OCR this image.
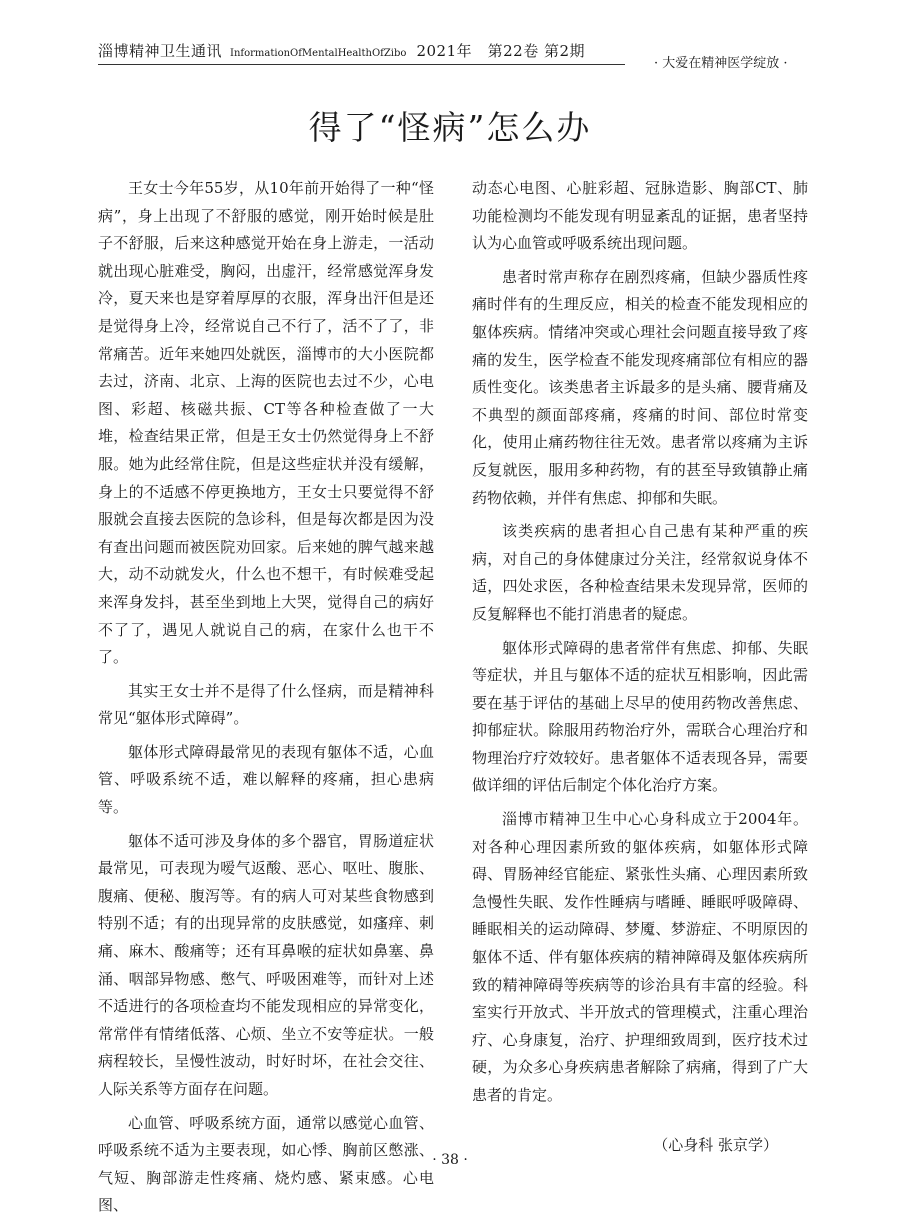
淄博精神卫生通讯 InformationOfMentalHealthOfZibo 2021年　第22卷 第2期
· 大爱在精神医学绽放 ·
得了“怪病”怎么办

王女士今年55岁，从10年前开始得了一种“怪病”，身上出现了不舒服的感觉，刚开始时候是肚子不舒服，后来这种感觉开始在身上游走，一活动就出现心脏难受，胸闷，出虚汗，经常感觉浑身发冷，夏天来也是穿着厚厚的衣服，浑身出汗但是还是觉得身上冷，经常说自己不行了，活不了了，非常痛苦。近年来她四处就医，淄博市的大小医院都去过，济南、北京、上海的医院也去过不少，心电图、彩超、核磁共振、CT等各种检查做了一大堆，检查结果正常，但是王女士仍然觉得身上不舒服。她为此经常住院，但是这些症状并没有缓解，身上的不适感不停更换地方，王女士只要觉得不舒服就会直接去医院的急诊科，但是每次都是因为没有查出问题而被医院劝回家。后来她的脾气越来越大，动不动就发火，什么也不想干，有时候难受起来浑身发抖，甚至坐到地上大哭，觉得自己的病好不了了，遇见人就说自己的病，在家什么也干不了。

其实王女士并不是得了什么怪病，而是精神科常见“躯体形式障碍”。

躯体形式障碍最常见的表现有躯体不适，心血管、呼吸系统不适，难以解释的疼痛，担心患病等。

躯体不适可涉及身体的多个器官，胃肠道症状最常见，可表现为嗳气返酸、恶心、呕吐、腹胀、腹痛、便秘、腹泻等。有的病人可对某些食物感到特别不适；有的出现异常的皮肤感觉，如瘙痒、刺痛、麻木、酸痛等；还有耳鼻喉的症状如鼻塞、鼻涌、咽部异物感、憋气、呼吸困难等，而针对上述不适进行的各项检查均不能发现相应的异常变化，常常伴有情绪低落、心烦、坐立不安等症状。一般病程较长，呈慢性波动，时好时坏，在社会交往、人际关系等方面存在问题。

心血管、呼吸系统方面，通常以感觉心血管、呼吸系统不适为主要表现，如心悸、胸前区憋涨、气短、胸部游走性疼痛、烧灼感、紧束感。心电图、

动态心电图、心脏彩超、冠脉造影、胸部CT、肺功能检测均不能发现有明显紊乱的证据，患者坚持认为心血管或呼吸系统出现问题。

患者时常声称存在剧烈疼痛，但缺少器质性疼痛时伴有的生理反应，相关的检查不能发现相应的躯体疾病。情绪冲突或心理社会问题直接导致了疼痛的发生，医学检查不能发现疼痛部位有相应的器质性变化。该类患者主诉最多的是头痛、腰背痛及不典型的颜面部疼痛，疼痛的时间、部位时常变化，使用止痛药物往往无效。患者常以疼痛为主诉反复就医，服用多种药物，有的甚至导致镇静止痛药物依赖，并伴有焦虑、抑郁和失眠。

该类疾病的患者担心自己患有某种严重的疾病，对自己的身体健康过分关注，经常叙说身体不适，四处求医，各种检查结果未发现异常，医师的反复解释也不能打消患者的疑虑。

躯体形式障碍的患者常伴有焦虑、抑郁、失眠等症状，并且与躯体不适的症状互相影响，因此需要在基于评估的基础上尽早的使用药物改善焦虑、抑郁症状。除服用药物治疗外，需联合心理治疗和物理治疗疗效较好。患者躯体不适表现各异，需要做详细的评估后制定个体化治疗方案。

淄博市精神卫生中心心身科成立于2004年。对各种心理因素所致的躯体疾病，如躯体形式障碍、胃肠神经官能症、紧张性头痛、心理因素所致急慢性失眠、发作性睡病与嗜睡、睡眠呼吸障碍、睡眠相关的运动障碍、梦魇、梦游症、不明原因的躯体不适、伴有躯体疾病的精神障碍及躯体疾病所致的精神障碍等疾病等的诊治具有丰富的经验。科室实行开放式、半开放式的管理模式，注重心理治疗、心身康复，治疗、护理细致周到，医疗技术过硬，为众多心身疾病患者解除了病痛，得到了广大患者的肯定。

（心身科 张京学）

· 38 ·
